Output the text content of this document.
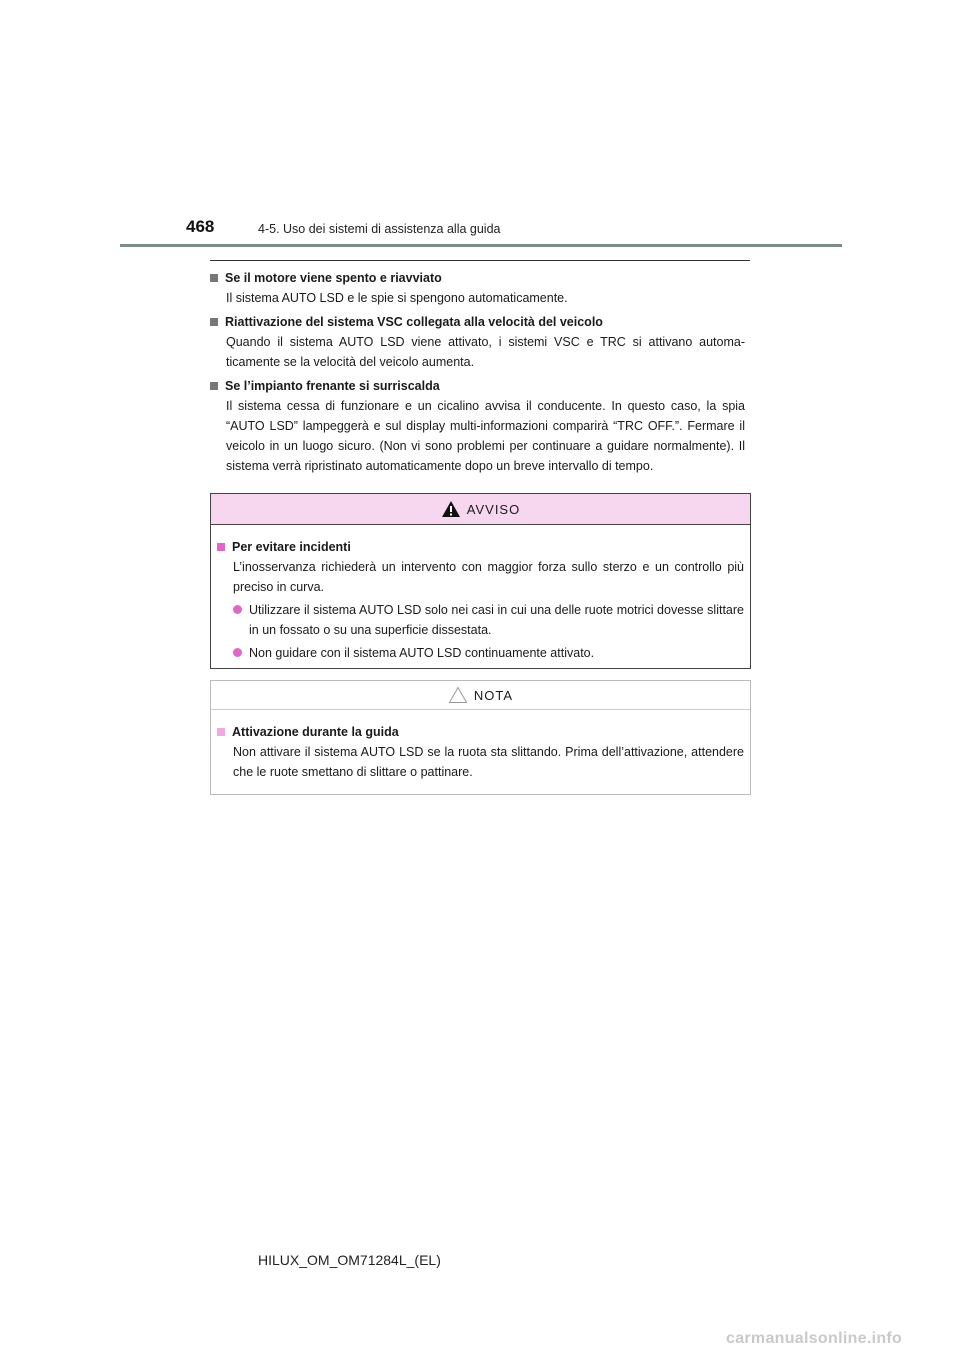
468	4-5. Uso dei sistemi di assistenza alla guida
Se il motore viene spento e riavviato
Il sistema AUTO LSD e le spie si spengono automaticamente.
Riattivazione del sistema VSC collegata alla velocità del veicolo
Quando il sistema AUTO LSD viene attivato, i sistemi VSC e TRC si attivano automa-ticamente se la velocità del veicolo aumenta.
Se l’impianto frenante si surriscalda
Il sistema cessa di funzionare e un cicalino avvisa il conducente. In questo caso, la spia “AUTO LSD” lampeggerà e sul display multi-informazioni comparirà “TRC OFF.”. Fermare il veicolo in un luogo sicuro. (Non vi sono problemi per continuare a guidare normalmente). Il sistema verrà ripristinato automaticamente dopo un breve intervallo di tempo.
AVVISO
Per evitare incidenti
L’inosservanza richiederà un intervento con maggior forza sullo sterzo e un controllo più preciso in curva.
Utilizzare il sistema AUTO LSD solo nei casi in cui una delle ruote motrici dovesse slittare in un fossato o su una superficie dissestata.
Non guidare con il sistema AUTO LSD continuamente attivato.
NOTA
Attivazione durante la guida
Non attivare il sistema AUTO LSD se la ruota sta slittando. Prima dell’attivazione, attendere che le ruote smettano di slittare o pattinare.
HILUX_OM_OM71284L_(EL)
carmanualsonline.info
